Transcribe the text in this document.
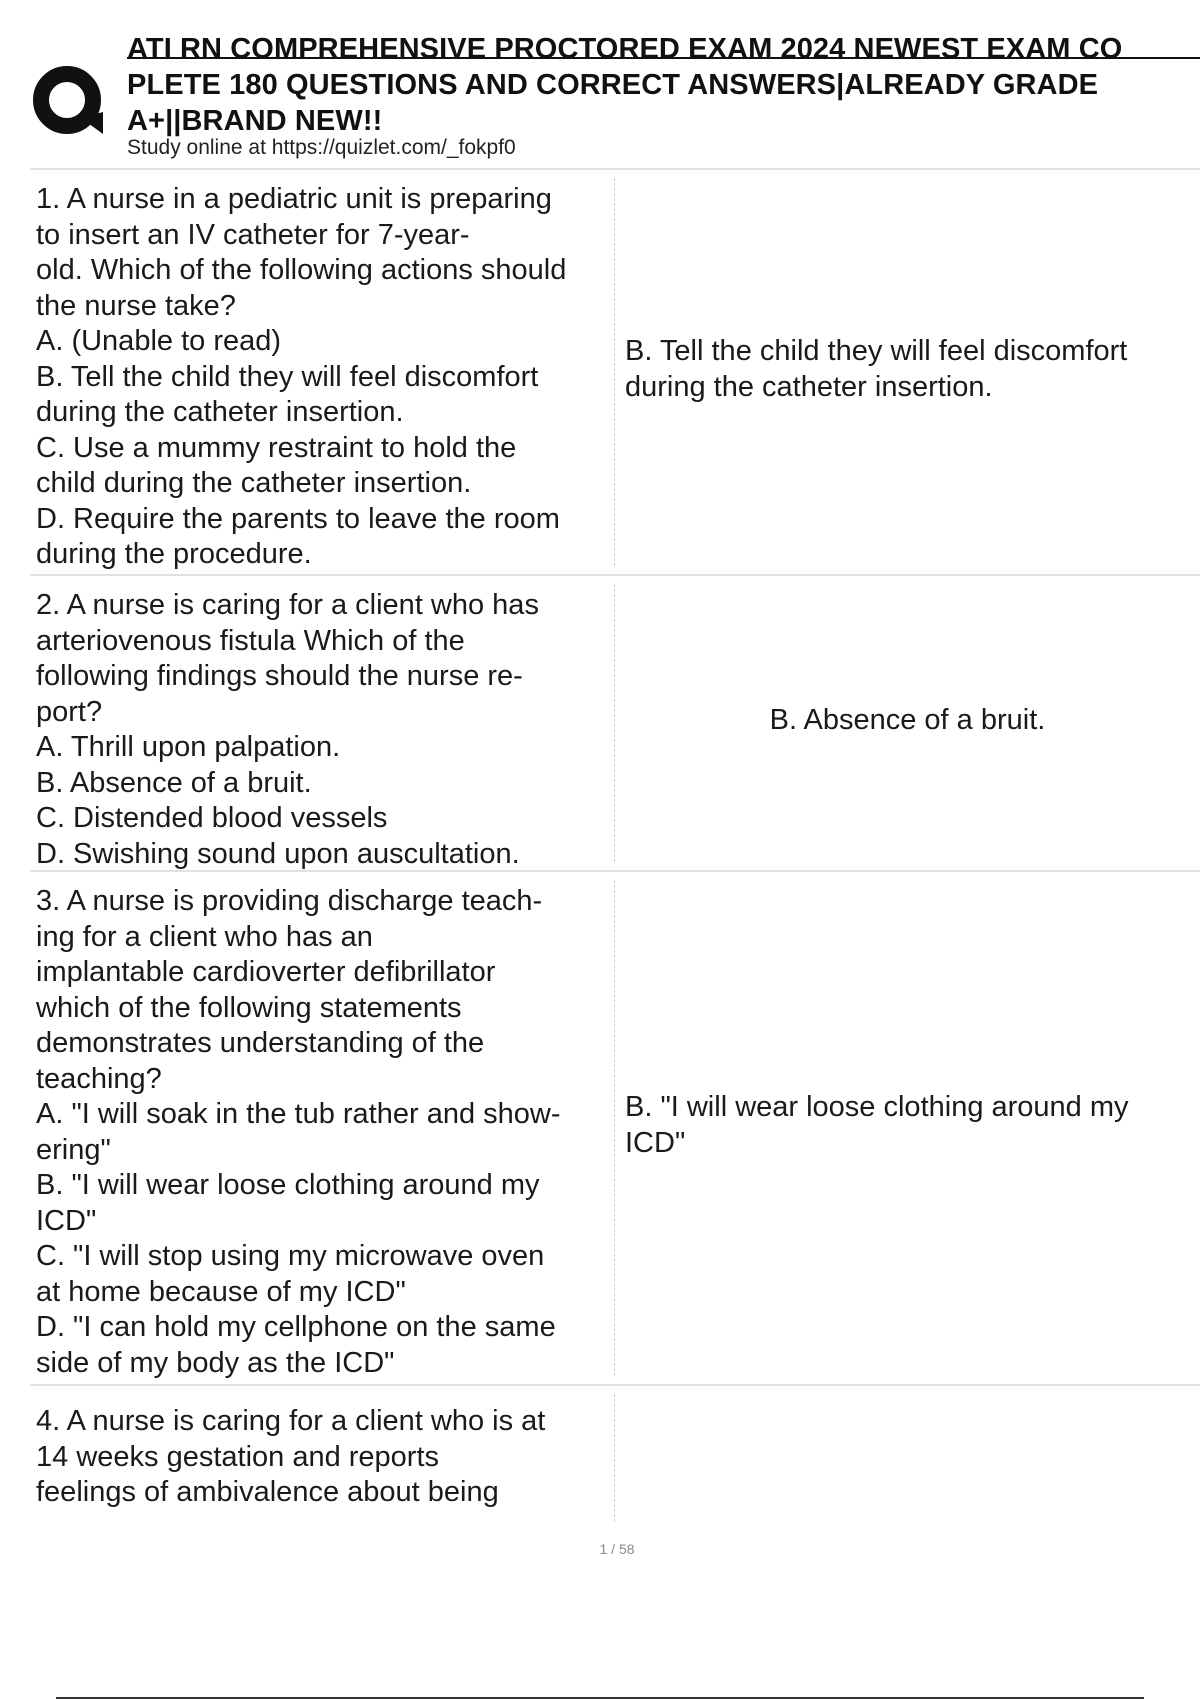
ATI RN COMPREHENSIVE PROCTORED EXAM 2024 NEWEST EXAM CO
PLETE 180 QUESTIONS AND CORRECT ANSWERS|ALREADY GRADE
A+||BRAND NEW!!
Study online at https://quizlet.com/_fokpf0
1. A nurse in a pediatric unit is preparing
to insert an IV catheter for 7-year-
old. Which of the following actions should
the nurse take?
A. (Unable to read)
B. Tell the child they will feel discomfort
during the catheter insertion.
C. Use a mummy restraint to hold the
child during the catheter insertion.
D. Require the parents to leave the room
during the procedure.
B. Tell the child they will feel discomfort
during the catheter insertion.
2. A nurse is caring for a client who has
arteriovenous fistula Which of the
following findings should the nurse re-
port?
A. Thrill upon palpation.
B. Absence of a bruit.
C. Distended blood vessels
D. Swishing sound upon auscultation.
B. Absence of a bruit.
3. A nurse is providing discharge teach-
ing for a client who has an
implantable cardioverter defibrillator
which of the following statements
demonstrates understanding of the
teaching?
A. "I will soak in the tub rather and show-
ering"
B. "I will wear loose clothing around my
ICD"
C. "I will stop using my microwave oven
at home because of my ICD"
D. "I can hold my cellphone on the same
side of my body as the ICD"
B. "I will wear loose clothing around my
ICD"
4. A nurse is caring for a client who is at
14 weeks gestation and reports
feelings of ambivalence about being
1 / 58
